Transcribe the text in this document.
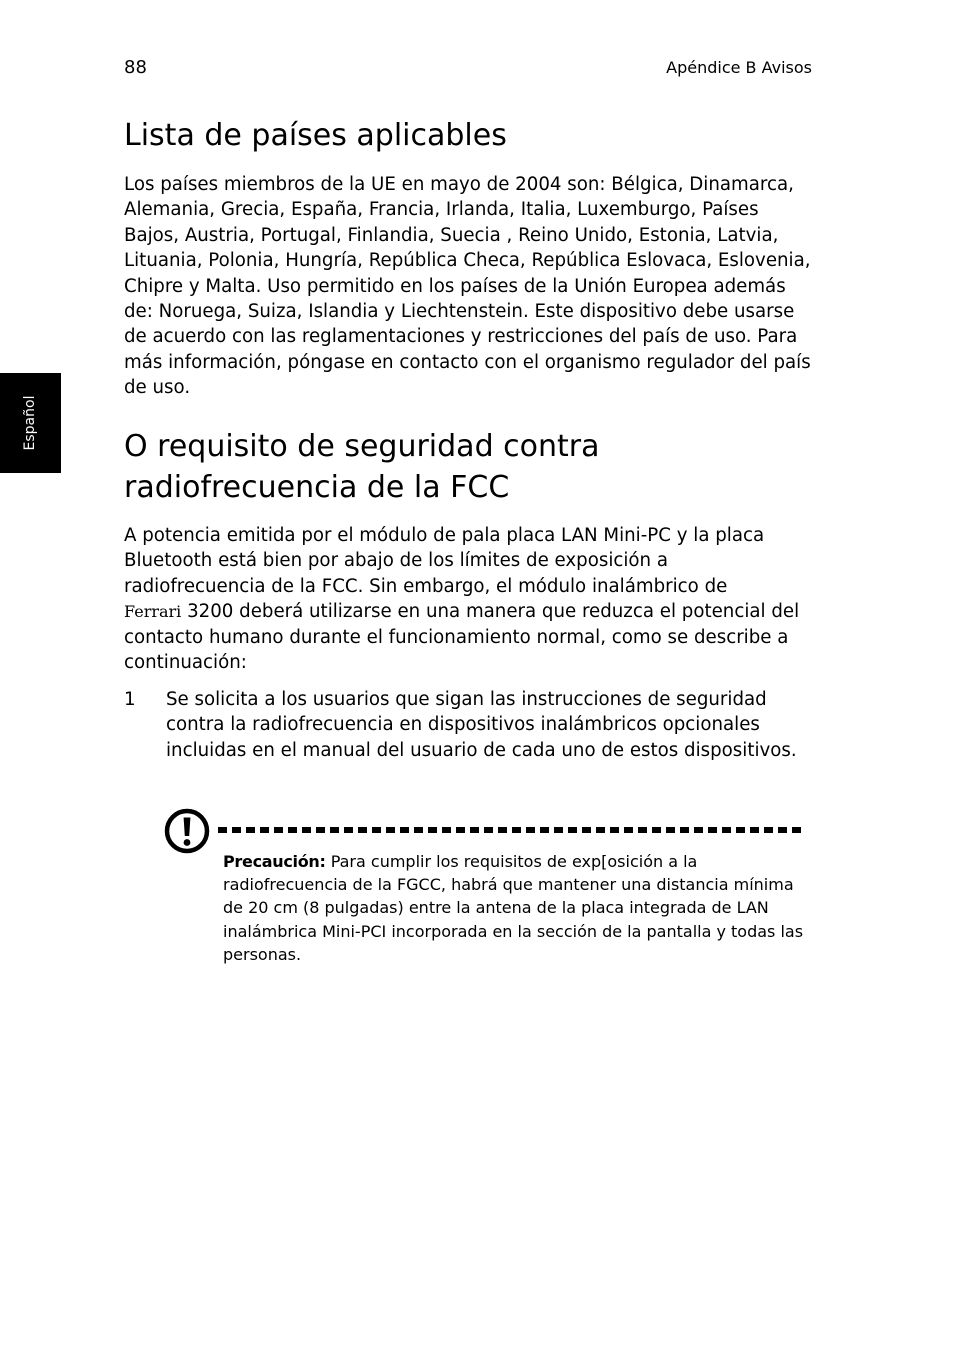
88	Apéndice B Avisos
Español
Lista de países aplicables

Los países miembros de la UE en mayo de 2004 son: Bélgica, Dinamarca, Alemania, Grecia, España, Francia, Irlanda, Italia, Luxemburgo, Países Bajos, Austria, Portugal, Finlandia, Suecia , Reino Unido, Estonia, Latvia, Lituania, Polonia, Hungría, República Checa, República Eslovaca, Eslovenia, Chipre y Malta. Uso permitido en los países de la Unión Europea además de: Noruega, Suiza, Islandia y Liechtenstein. Este dispositivo debe usarse de acuerdo con las reglamentaciones y restricciones del país de uso. Para más información, póngase en contacto con el organismo regulador del país de uso.

O requisito de seguridad contra
radiofrecuencia de la FCC

A potencia emitida por el módulo de pala placa LAN Mini-PC y la placa Bluetooth está bien por abajo de los límites de exposición a radiofrecuencia de la FCC. Sin embargo, el módulo inalámbrico de
Ferrari 3200 deberá utilizarse en una manera que reduzca el potencial del contacto humano durante el funcionamiento normal, como se describe a continuación:

1 Se solicita a los usuarios que sigan las instrucciones de seguridad contra la radiofrecuencia en dispositivos inalámbricos opcionales incluidas en el manual del usuario de cada uno de estos dispositivos.

Precaución: Para cumplir los requisitos de exp[osición a la radiofrecuencia de la FGCC, habrá que mantener una distancia mínima de 20 cm (8 pulgadas) entre la antena de la placa integrada de LAN inalámbrica Mini-PCI incorporada en la sección de la pantalla y todas las personas.
